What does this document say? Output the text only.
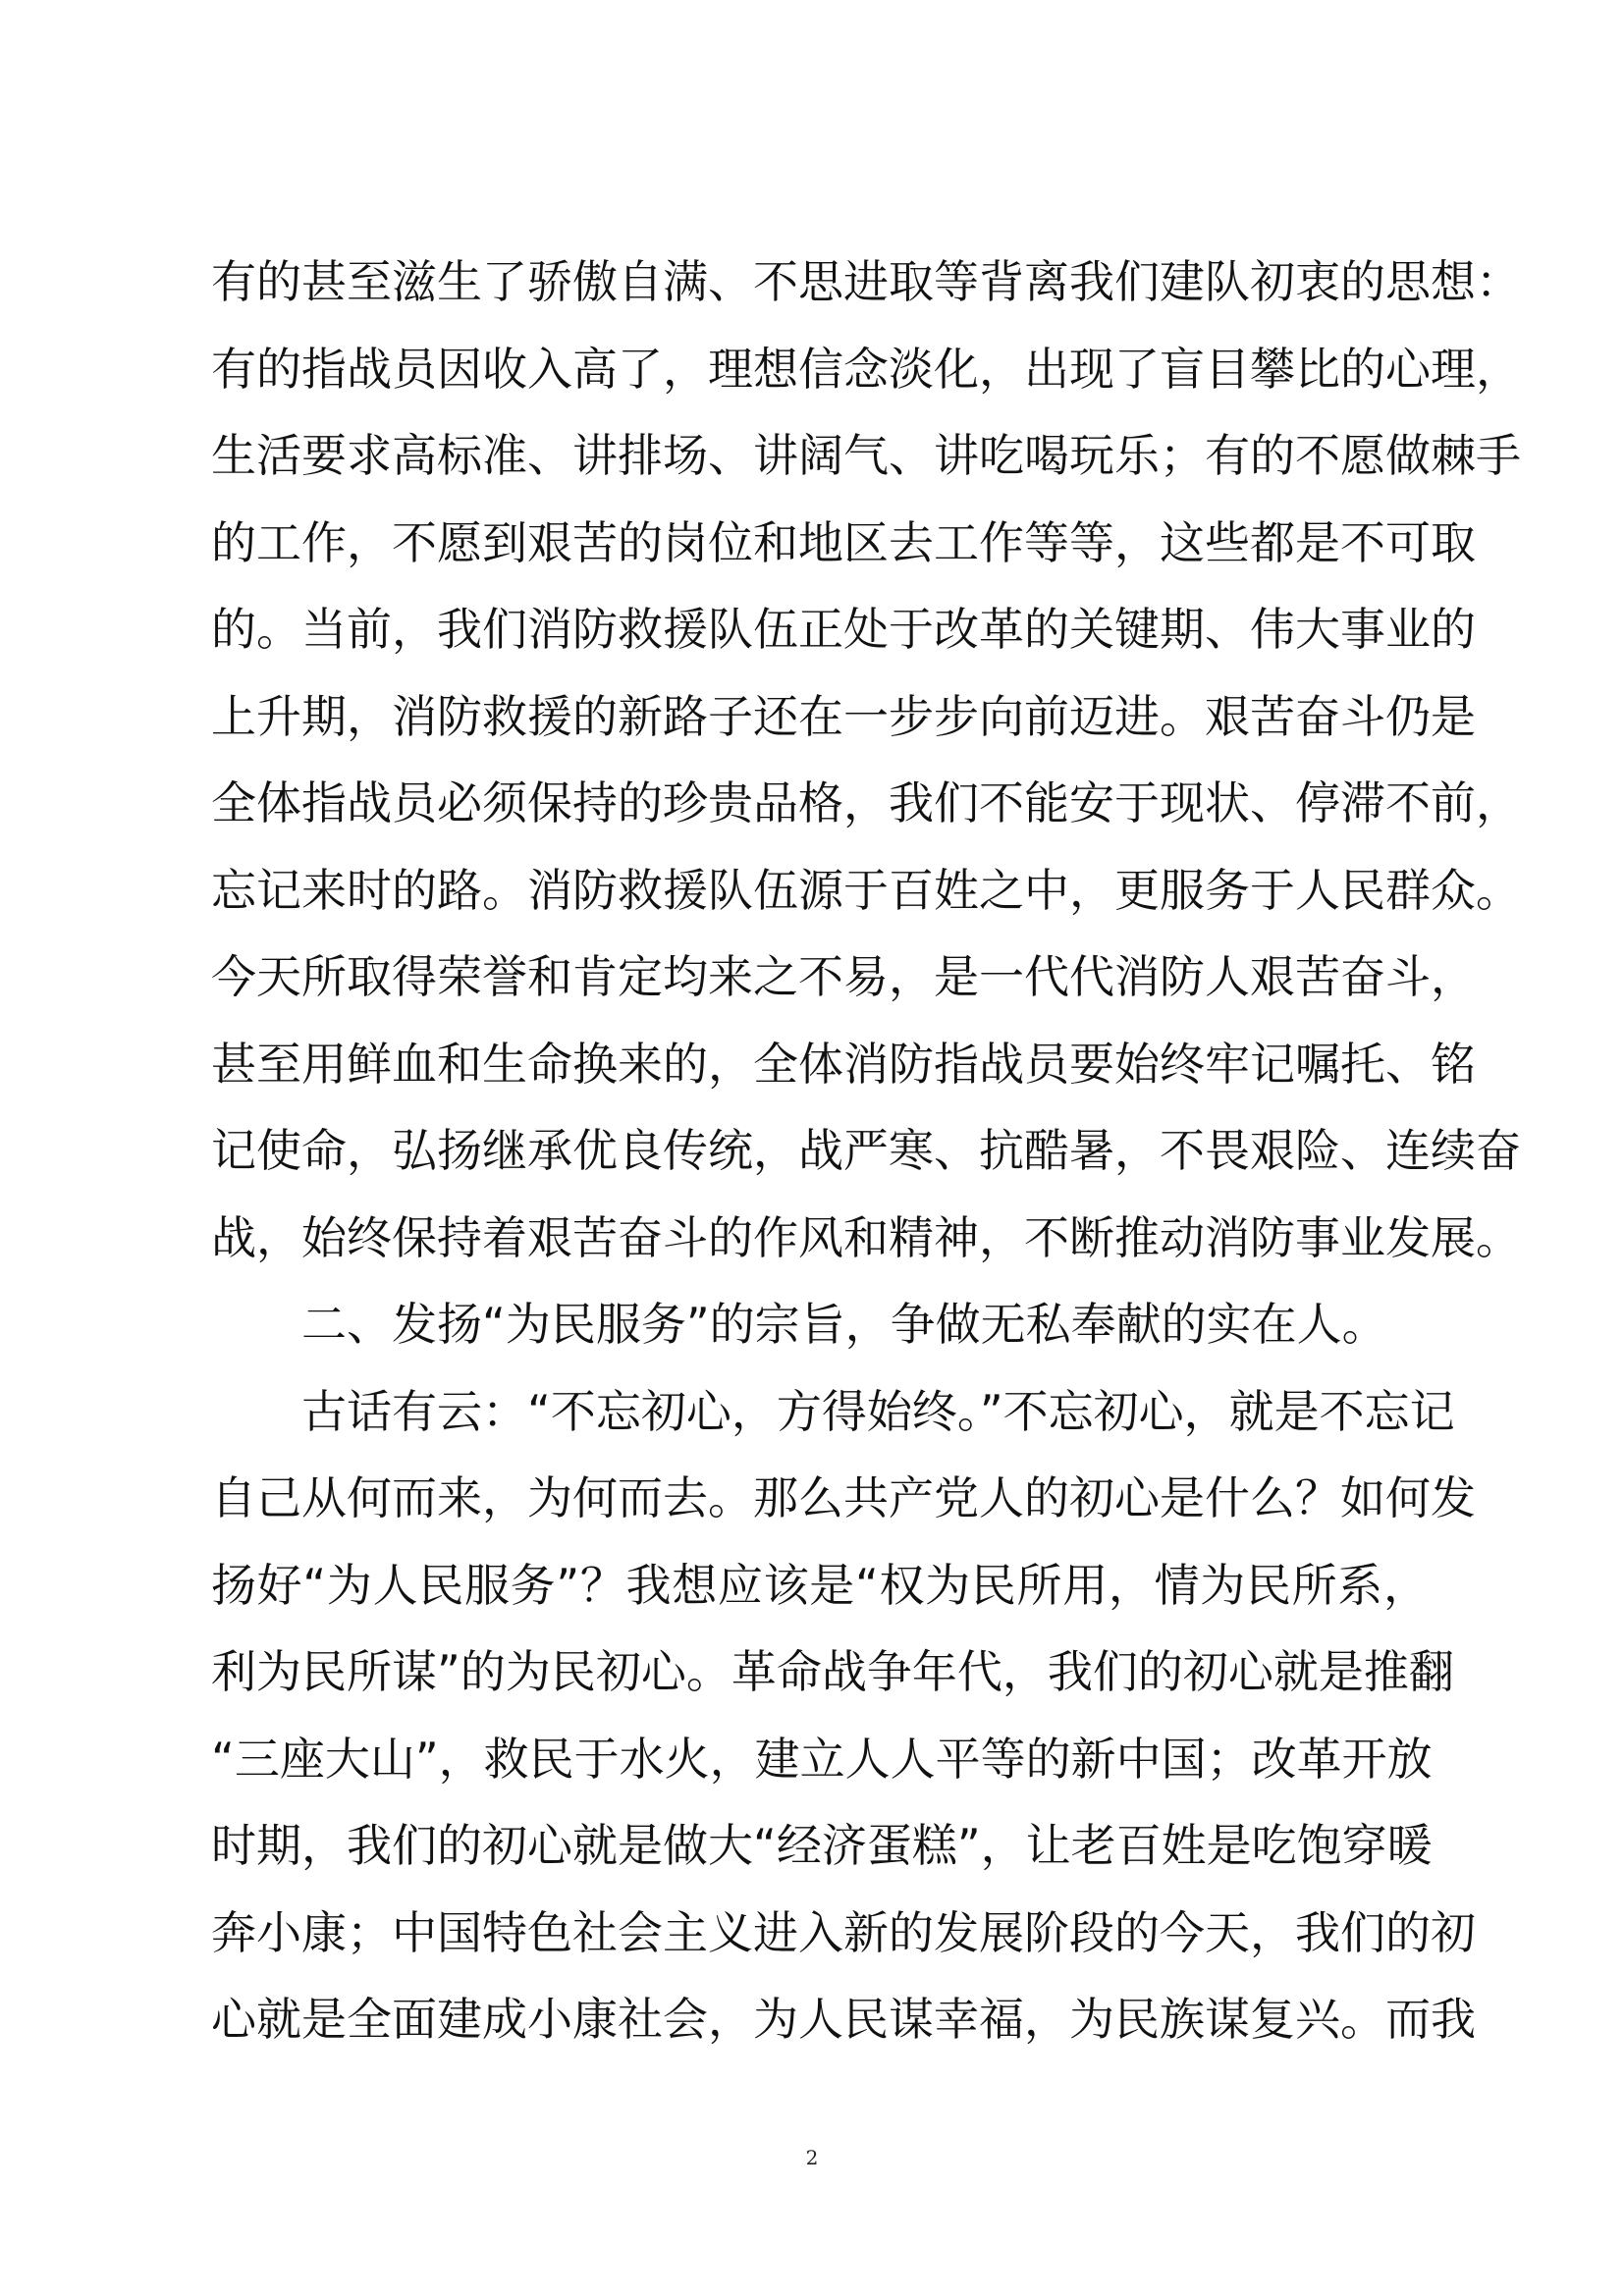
有的甚至滋生了骄傲自满、不思进取等背离我们建队初衷的思想：
有的指战员因收入高了，理想信念淡化，出现了盲目攀比的心理，
生活要求高标准、讲排场、讲阔气、讲吃喝玩乐；有的不愿做棘手
的工作，不愿到艰苦的岗位和地区去工作等等，这些都是不可取
的。当前，我们消防救援队伍正处于改革的关键期、伟大事业的
上升期，消防救援的新路子还在一步步向前迈进。艰苦奋斗仍是
全体指战员必须保持的珍贵品格，我们不能安于现状、停滞不前，
忘记来时的路。消防救援队伍源于百姓之中，更服务于人民群众。
今天所取得荣誉和肯定均来之不易，是一代代消防人艰苦奋斗，
甚至用鲜血和生命换来的，全体消防指战员要始终牢记嘱托、铭
记使命，弘扬继承优良传统，战严寒、抗酷暑，不畏艰险、连续奋
战，始终保持着艰苦奋斗的作风和精神，不断推动消防事业发展。
二、发扬“为民服务”的宗旨，争做无私奉献的实在人。
古话有云：“不忘初心，方得始终。”不忘初心，就是不忘记
自己从何而来，为何而去。那么共产党人的初心是什么？如何发
扬好“为人民服务”？我想应该是“权为民所用，情为民所系，
利为民所谋”的为民初心。革命战争年代，我们的初心就是推翻
“三座大山”，救民于水火，建立人人平等的新中国；改革开放
时期，我们的初心就是做大“经济蛋糕”，让老百姓是吃饱穿暖
奔小康；中国特色社会主义进入新的发展阶段的今天，我们的初
心就是全面建成小康社会，为人民谋幸福，为民族谋复兴。而我
2
